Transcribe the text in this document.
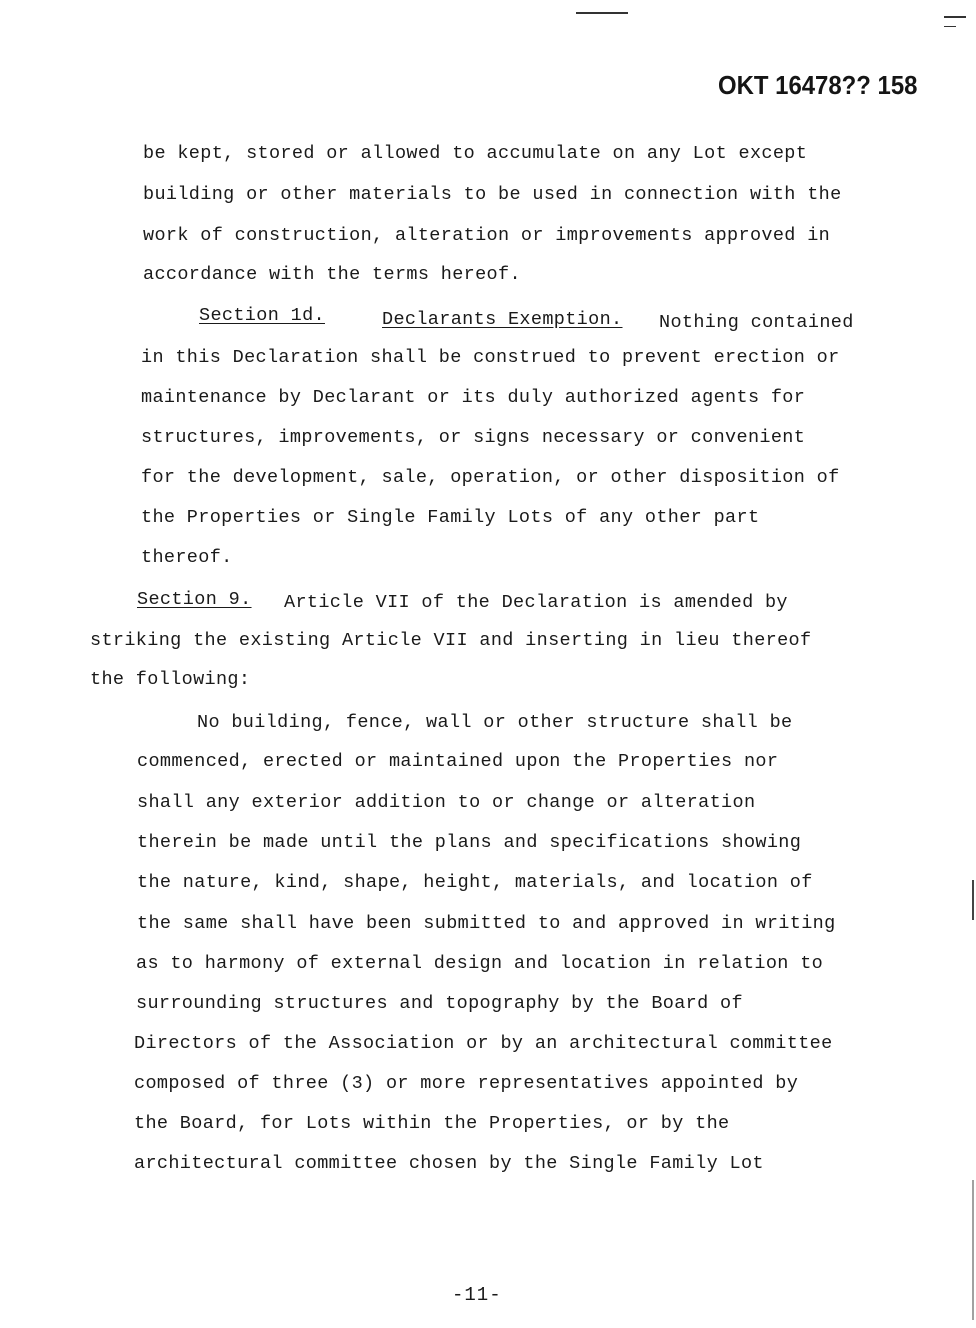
OKT 16478?? 158
be kept, stored or allowed to accumulate on any Lot except
building or other materials to be used in connection with the
work of construction, alteration or improvements approved in
accordance with the terms hereof.
Section 1d.	Declarants Exemption. Nothing contained
in this Declaration shall be construed to prevent erection or
maintenance by Declarant or its duly authorized agents for
structures, improvements, or signs necessary or convenient
for the development, sale, operation, or other disposition of
the Properties or Single Family Lots of any other part
thereof.
Section 9. Article VII of the Declaration is amended by
striking the existing Article VII and inserting in lieu thereof
the following:
No building, fence, wall or other structure shall be
commenced, erected or maintained upon the Properties nor
shall any exterior addition to or change or alteration
therein be made until the plans and specifications showing
the nature, kind, shape, height, materials, and location of
the same shall have been submitted to and approved in writing
as to harmony of external design and location in relation to
surrounding structures and topography by the Board of
Directors of the Association or by an architectural committee
composed of three (3) or more representatives appointed by
the Board, for Lots within the Properties, or by the
architectural committee chosen by the Single Family Lot
-11-
